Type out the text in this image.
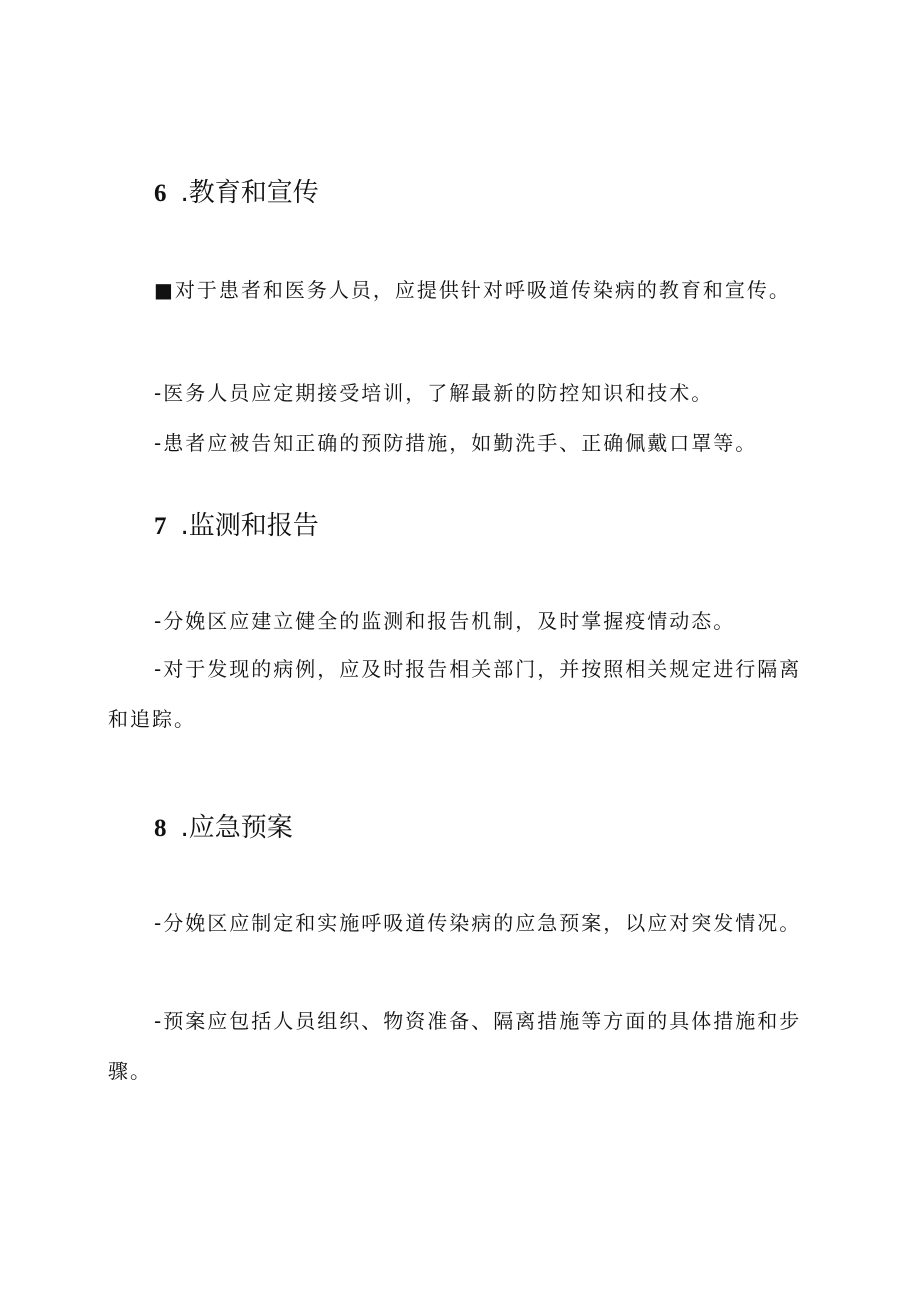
6 .教育和宣传

■对于患者和医务人员，应提供针对呼吸道传染病的教育和宣传。

-医务人员应定期接受培训，了解最新的防控知识和技术。

-患者应被告知正确的预防措施，如勤洗手、正确佩戴口罩等。

7 .监测和报告

-分娩区应建立健全的监测和报告机制，及时掌握疫情动态。

-对于发现的病例，应及时报告相关部门，并按照相关规定进行隔离和追踪。

8 .应急预案

-分娩区应制定和实施呼吸道传染病的应急预案，以应对突发情况。

-预案应包括人员组织、物资准备、隔离措施等方面的具体措施和步骤。
